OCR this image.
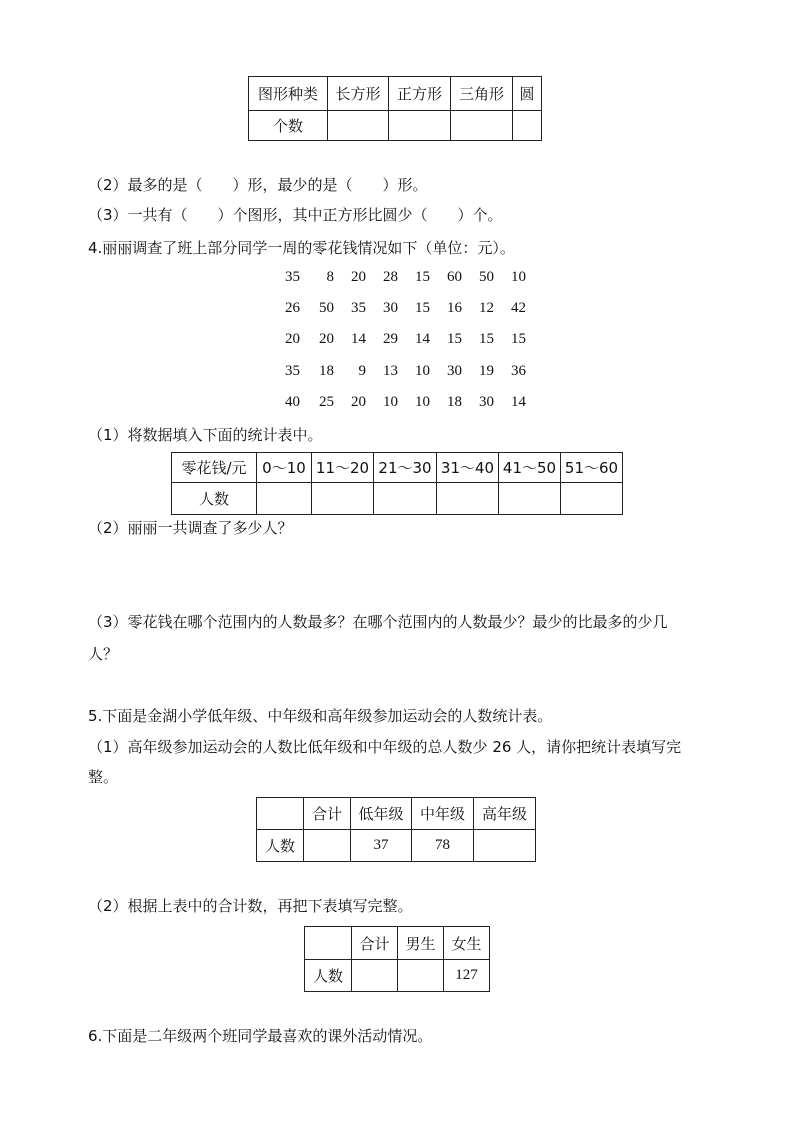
图形种类	长方形	正方形	三角形	圆
个数				
（2）最多的是（　　）形，最少的是（　　）形。
（3）一共有（　　）个图形，其中正方形比圆少（　　）个。
4.丽丽调查了班上部分同学一周的零花钱情况如下（单位：元）。
35	8	20	28	15	60	50	10
26	50	35	30	15	16	12	42
20	20	14	29	14	15	15	15
35	18	9	13	10	30	19	36
40	25	20	10	10	18	30	14
（1）将数据填入下面的统计表中。
零花钱/元	0～10	11～20	21～30	31～40	41～50	51～60
人数						
（2）丽丽一共调查了多少人？
（3）零花钱在哪个范围内的人数最多？在哪个范围内的人数最少？最少的比最多的少几
人？
5.下面是金湖小学低年级、中年级和高年级参加运动会的人数统计表。
（1）高年级参加运动会的人数比低年级和中年级的总人数少 26 人，请你把统计表填写完
整。
	合计	低年级	中年级	高年级
人数		37	78	
（2）根据上表中的合计数，再把下表填写完整。
	合计	男生	女生
人数			127
6.下面是二年级两个班同学最喜欢的课外活动情况。
